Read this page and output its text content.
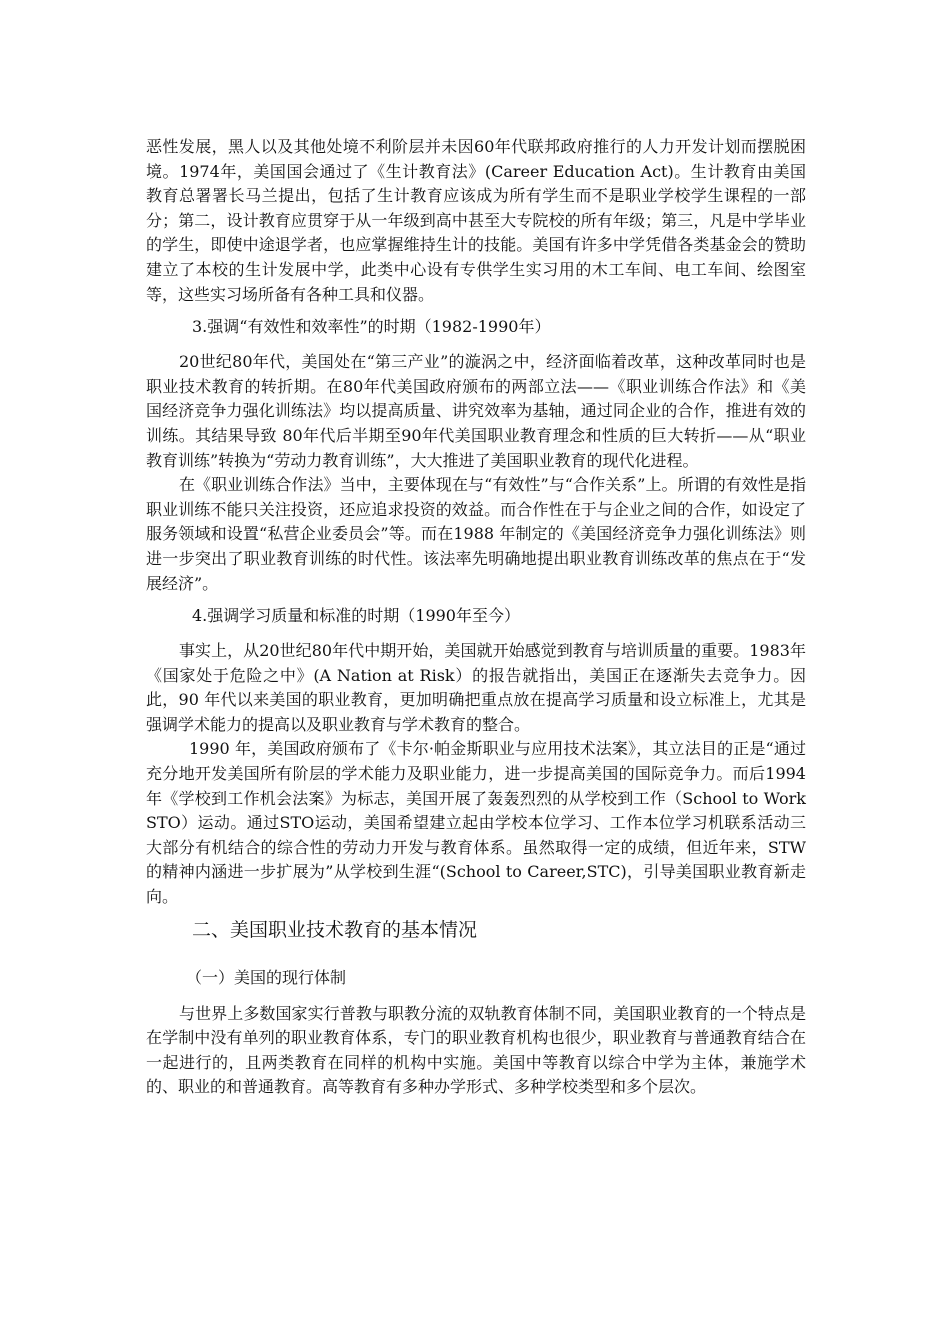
恶性发展，黑人以及其他处境不利阶层并未因60年代联邦政府推行的人力开发计划而摆脱困境。1974年，美国国会通过了《生计教育法》(Career Education Act)。生计教育由美国教育总署署长马兰提出，包括了生计教育应该成为所有学生而不是职业学校学生课程的一部分；第二，设计教育应贯穿于从一年级到高中甚至大专院校的所有年级；第三，凡是中学毕业的学生，即使中途退学者，也应掌握维持生计的技能。美国有许多中学凭借各类基金会的赞助建立了本校的生计发展中学，此类中心设有专供学生实习用的木工车间、电工车间、绘图室等，这些实习场所备有各种工具和仪器。

3.强调“有效性和效率性”的时期（1982-1990年）

20世纪80年代，美国处在“第三产业”的漩涡之中，经济面临着改革，这种改革同时也是职业技术教育的转折期。在80年代美国政府颁布的两部立法——《职业训练合作法》和《美国经济竞争力强化训练法》均以提高质量、讲究效率为基轴，通过同企业的合作，推进有效的训练。其结果导致 80年代后半期至90年代美国职业教育理念和性质的巨大转折——从“职业教育训练”转换为“劳动力教育训练”，大大推进了美国职业教育的现代化进程。

在《职业训练合作法》当中，主要体现在与“有效性”与“合作关系”上。所谓的有效性是指职业训练不能只关注投资，还应追求投资的效益。而合作性在于与企业之间的合作，如设定了服务领域和设置“私营企业委员会”等。而在1988 年制定的《美国经济竞争力强化训练法》则进一步突出了职业教育训练的时代性。该法率先明确地提出职业教育训练改革的焦点在于“发展经济”。

4.强调学习质量和标准的时期（1990年至今）

事实上，从20世纪80年代中期开始，美国就开始感觉到教育与培训质量的重要。1983年《国家处于危险之中》(A Nation at Risk）的报告就指出，美国正在逐渐失去竞争力。因此，90 年代以来美国的职业教育，更加明确把重点放在提高学习质量和设立标准上，尤其是强调学术能力的提高以及职业教育与学术教育的整合。

1990 年，美国政府颁布了《卡尔·帕金斯职业与应用技术法案》，其立法目的正是“通过充分地开发美国所有阶层的学术能力及职业能力，进一步提高美国的国际竞争力。而后1994年《学校到工作机会法案》为标志，美国开展了轰轰烈烈的从学校到工作（School to Work STO）运动。通过STO运动，美国希望建立起由学校本位学习、工作本位学习机联系活动三大部分有机结合的综合性的劳动力开发与教育体系。虽然取得一定的成绩，但近年来，STW的精神内涵进一步扩展为”从学校到生涯“(School to Career,STC)，引导美国职业教育新走向。

二、美国职业技术教育的基本情况

（一）美国的现行体制

与世界上多数国家实行普教与职教分流的双轨教育体制不同，美国职业教育的一个特点是在学制中没有单列的职业教育体系，专门的职业教育机构也很少，职业教育与普通教育结合在一起进行的，且两类教育在同样的机构中实施。美国中等教育以综合中学为主体，兼施学术的、职业的和普通教育。高等教育有多种办学形式、多种学校类型和多个层次。
